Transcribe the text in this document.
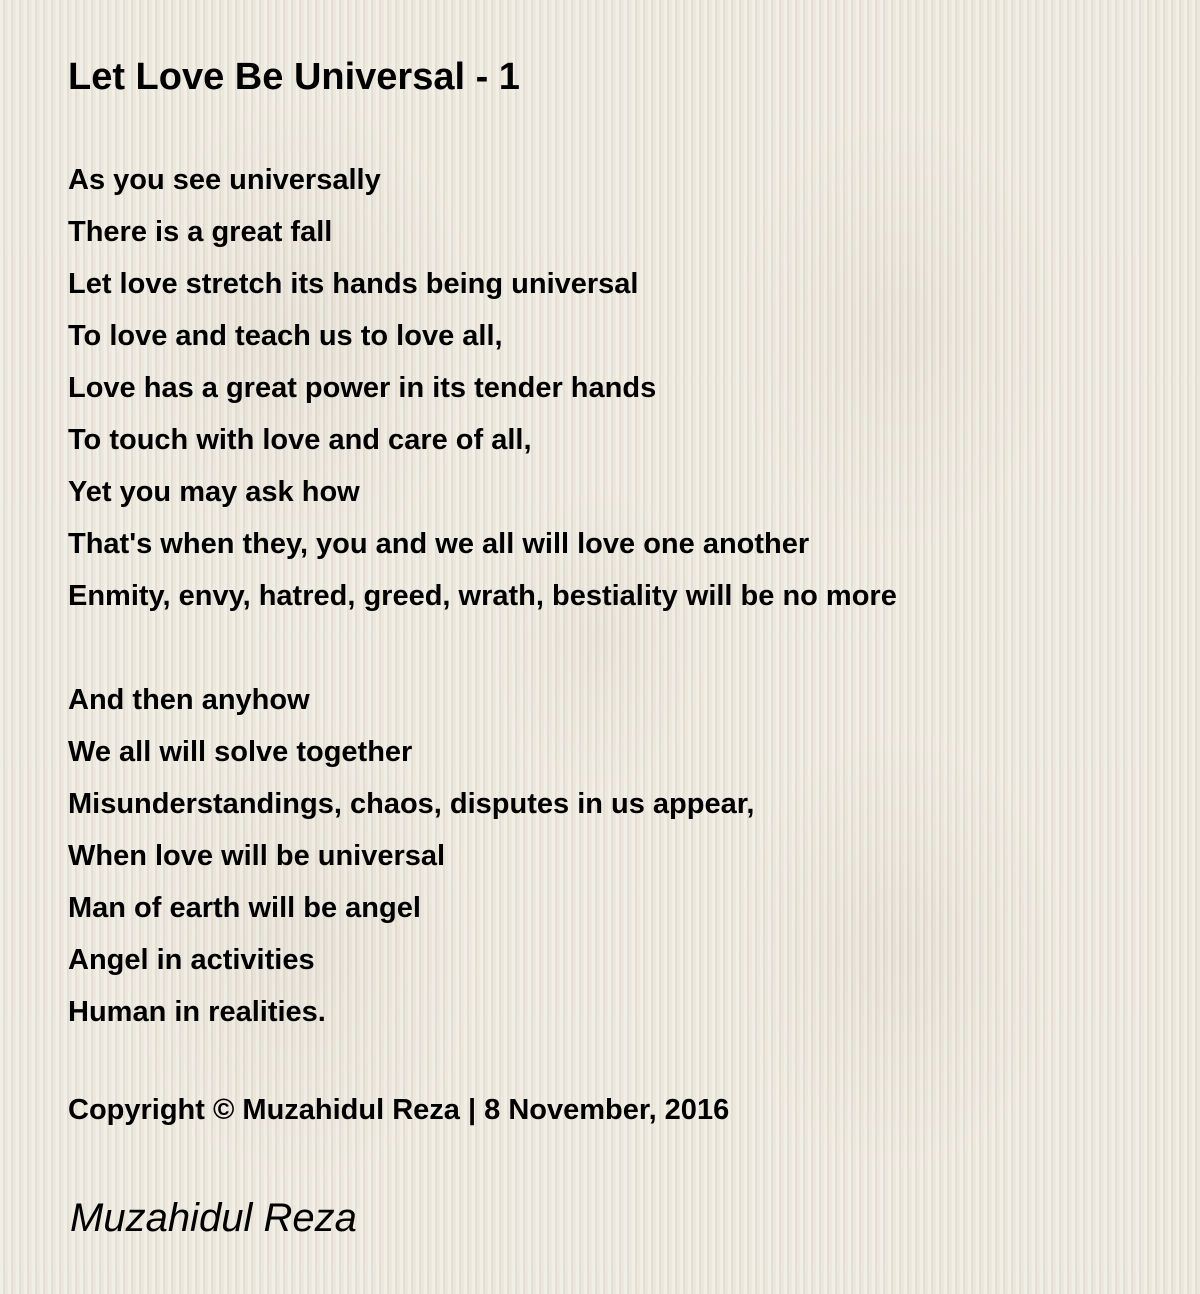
Let Love Be Universal - 1
As you see universally
There is a great fall
Let love stretch its hands being universal
To love and teach us to love all,
Love has a great power in its tender hands
To touch with love and care of all,
Yet you may ask how
That's when they, you and we all will love one another
Enmity, envy, hatred, greed, wrath, bestiality will be no more
And then anyhow
We all will solve together
Misunderstandings, chaos, disputes in us appear,
When love will be universal
Man of earth will be angel
Angel in activities
Human in realities.
Copyright © Muzahidul Reza | 8 November, 2016
Muzahidul Reza
